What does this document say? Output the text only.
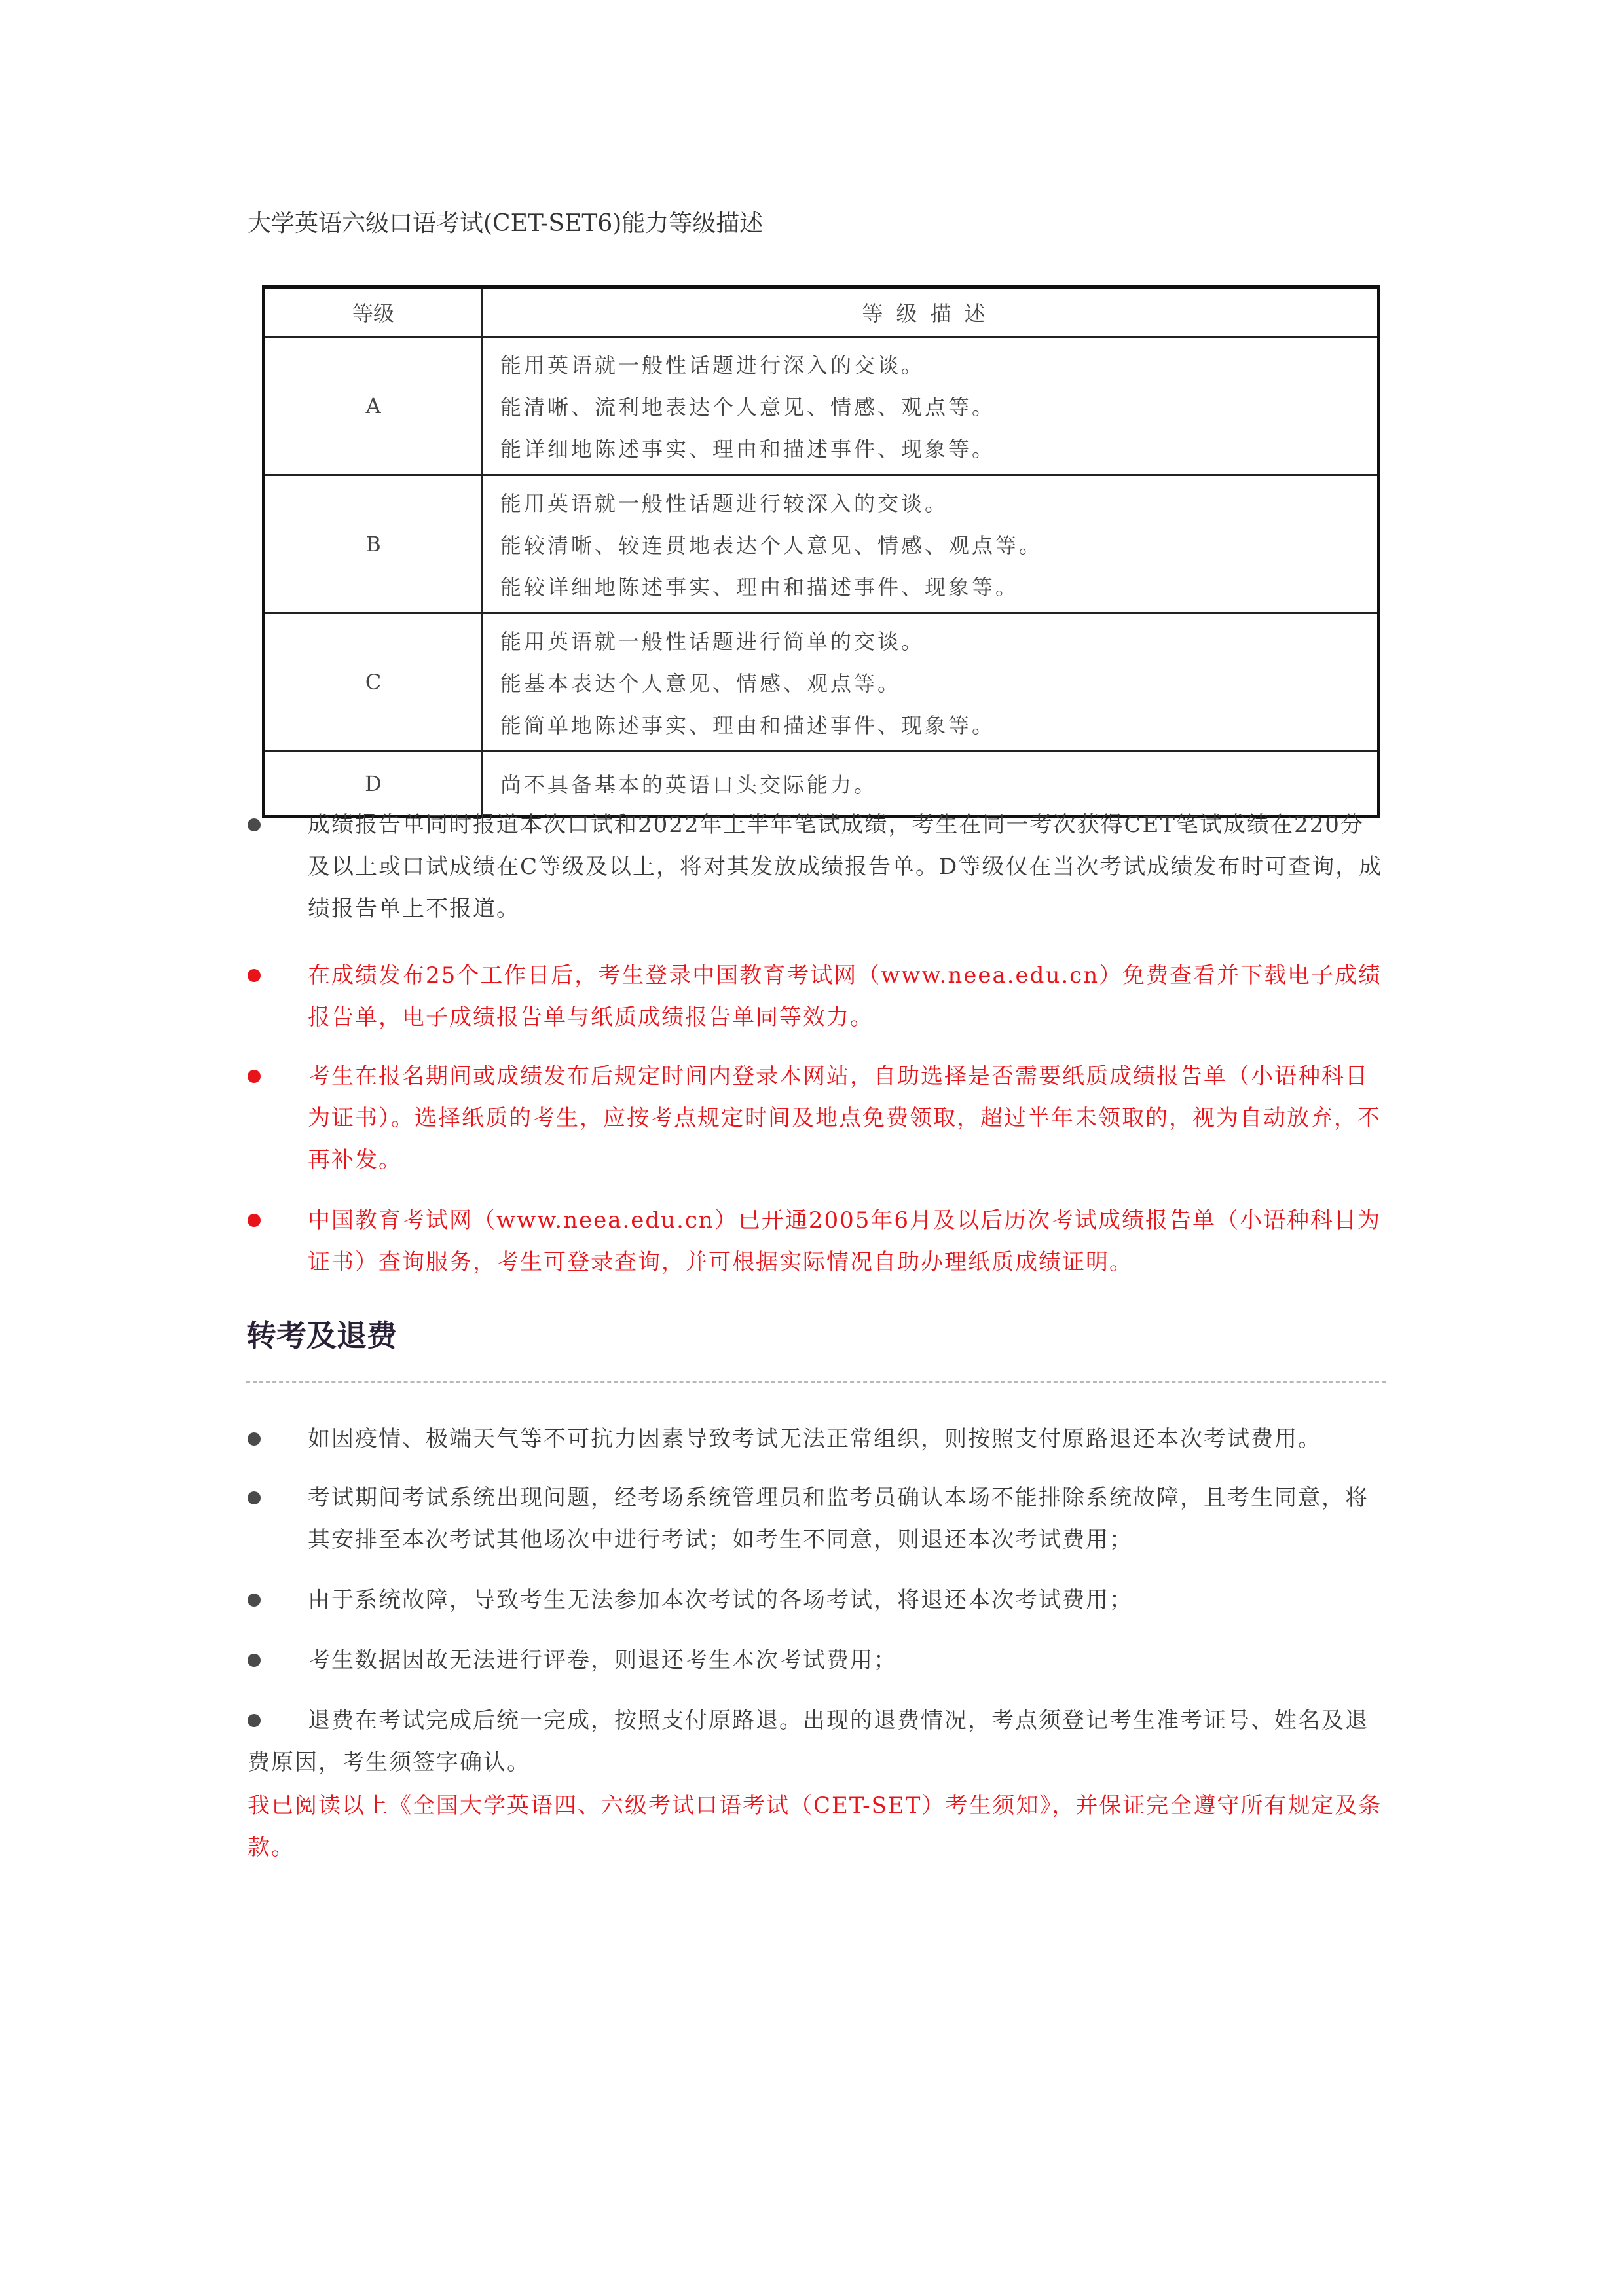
大学英语六级口语考试(CET-SET6)能力等级描述
等级	等级描述
A	能用英语就一般性话题进行深入的交谈。
能清晰、流利地表达个人意见、情感、观点等。
能详细地陈述事实、理由和描述事件、现象等。

B	能用英语就一般性话题进行较深入的交谈。
能较清晰、较连贯地表达个人意见、情感、观点等。
能较详细地陈述事实、理由和描述事件、现象等。

C	能用英语就一般性话题进行简单的交谈。
能基本表达个人意见、情感、观点等。
能简单地陈述事实、理由和描述事件、现象等。

D	尚不具备基本的英语口头交际能力。
成绩报告单同时报道本次口试和2022年上半年笔试成绩，考生在同一考次获得CET笔试成绩在220分及以上或口试成绩在C等级及以上，将对其发放成绩报告单。D等级仅在当次考试成绩发布时可查询，成绩报告单上不报道。
在成绩发布25个工作日后，考生登录中国教育考试网（www.neea.edu.cn）免费查看并下载电子成绩报告单，电子成绩报告单与纸质成绩报告单同等效力。
考生在报名期间或成绩发布后规定时间内登录本网站，自助选择是否需要纸质成绩报告单（小语种科目为证书）。选择纸质的考生，应按考点规定时间及地点免费领取，超过半年未领取的，视为自动放弃，不再补发。
中国教育考试网（www.neea.edu.cn）已开通2005年6月及以后历次考试成绩报告单（小语种科目为证书）查询服务，考生可登录查询，并可根据实际情况自助办理纸质成绩证明。
转考及退费
如因疫情、极端天气等不可抗力因素导致考试无法正常组织，则按照支付原路退还本次考试费用。
考试期间考试系统出现问题，经考场系统管理员和监考员确认本场不能排除系统故障，且考生同意，将其安排至本次考试其他场次中进行考试；如考生不同意，则退还本次考试费用；
由于系统故障，导致考生无法参加本次考试的各场考试，将退还本次考试费用；
考生数据因故无法进行评卷，则退还考生本次考试费用；
退费在考试完成后统一完成，按照支付原路退。出现的退费情况，考点须登记考生准考证号、姓名及退费原因，考生须签字确认。
我已阅读以上《全国大学英语四、六级考试口语考试（CET-SET）考生须知》，并保证完全遵守所有规定及条款。
